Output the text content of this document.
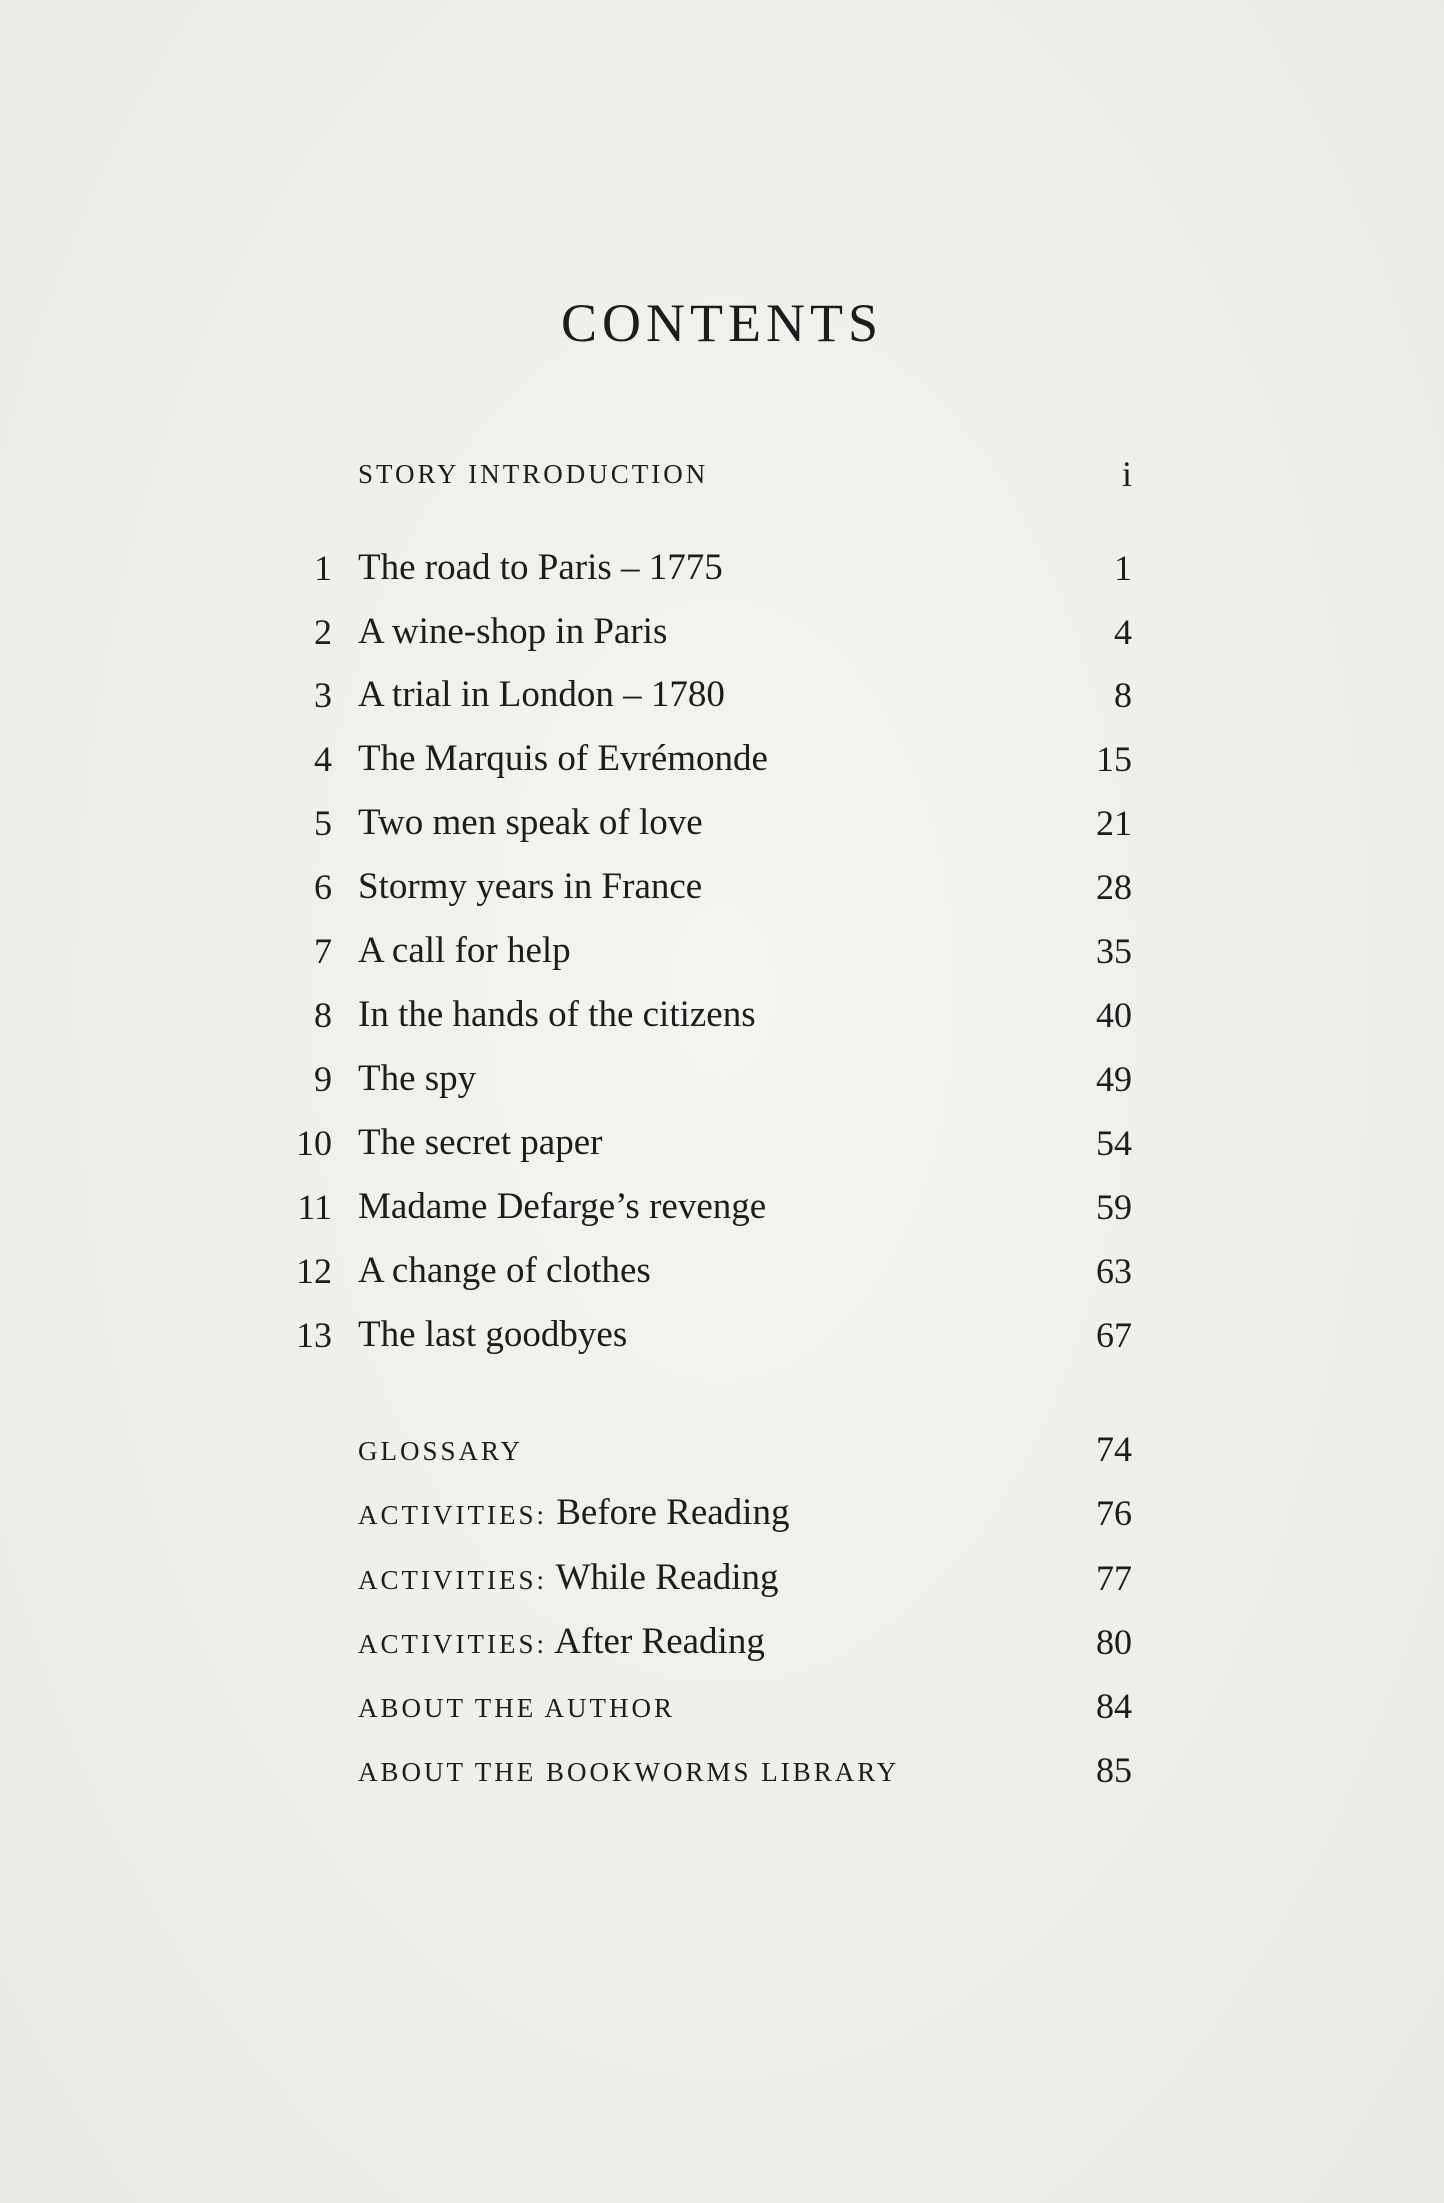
CONTENTS
STORY INTRODUCTION	i
1 The road to Paris – 1775	1
2 A wine-shop in Paris	4
3 A trial in London – 1780	8
4 The Marquis of Evrémonde	15
5 Two men speak of love	21
6 Stormy years in France	28
7 A call for help	35
8 In the hands of the citizens	40
9 The spy	49
10 The secret paper	54
11 Madame Defarge’s revenge	59
12 A change of clothes	63
13 The last goodbyes	67
GLOSSARY	74
ACTIVITIES: Before Reading	76
ACTIVITIES: While Reading	77
ACTIVITIES: After Reading	80
ABOUT THE AUTHOR	84
ABOUT THE BOOKWORMS LIBRARY	85
